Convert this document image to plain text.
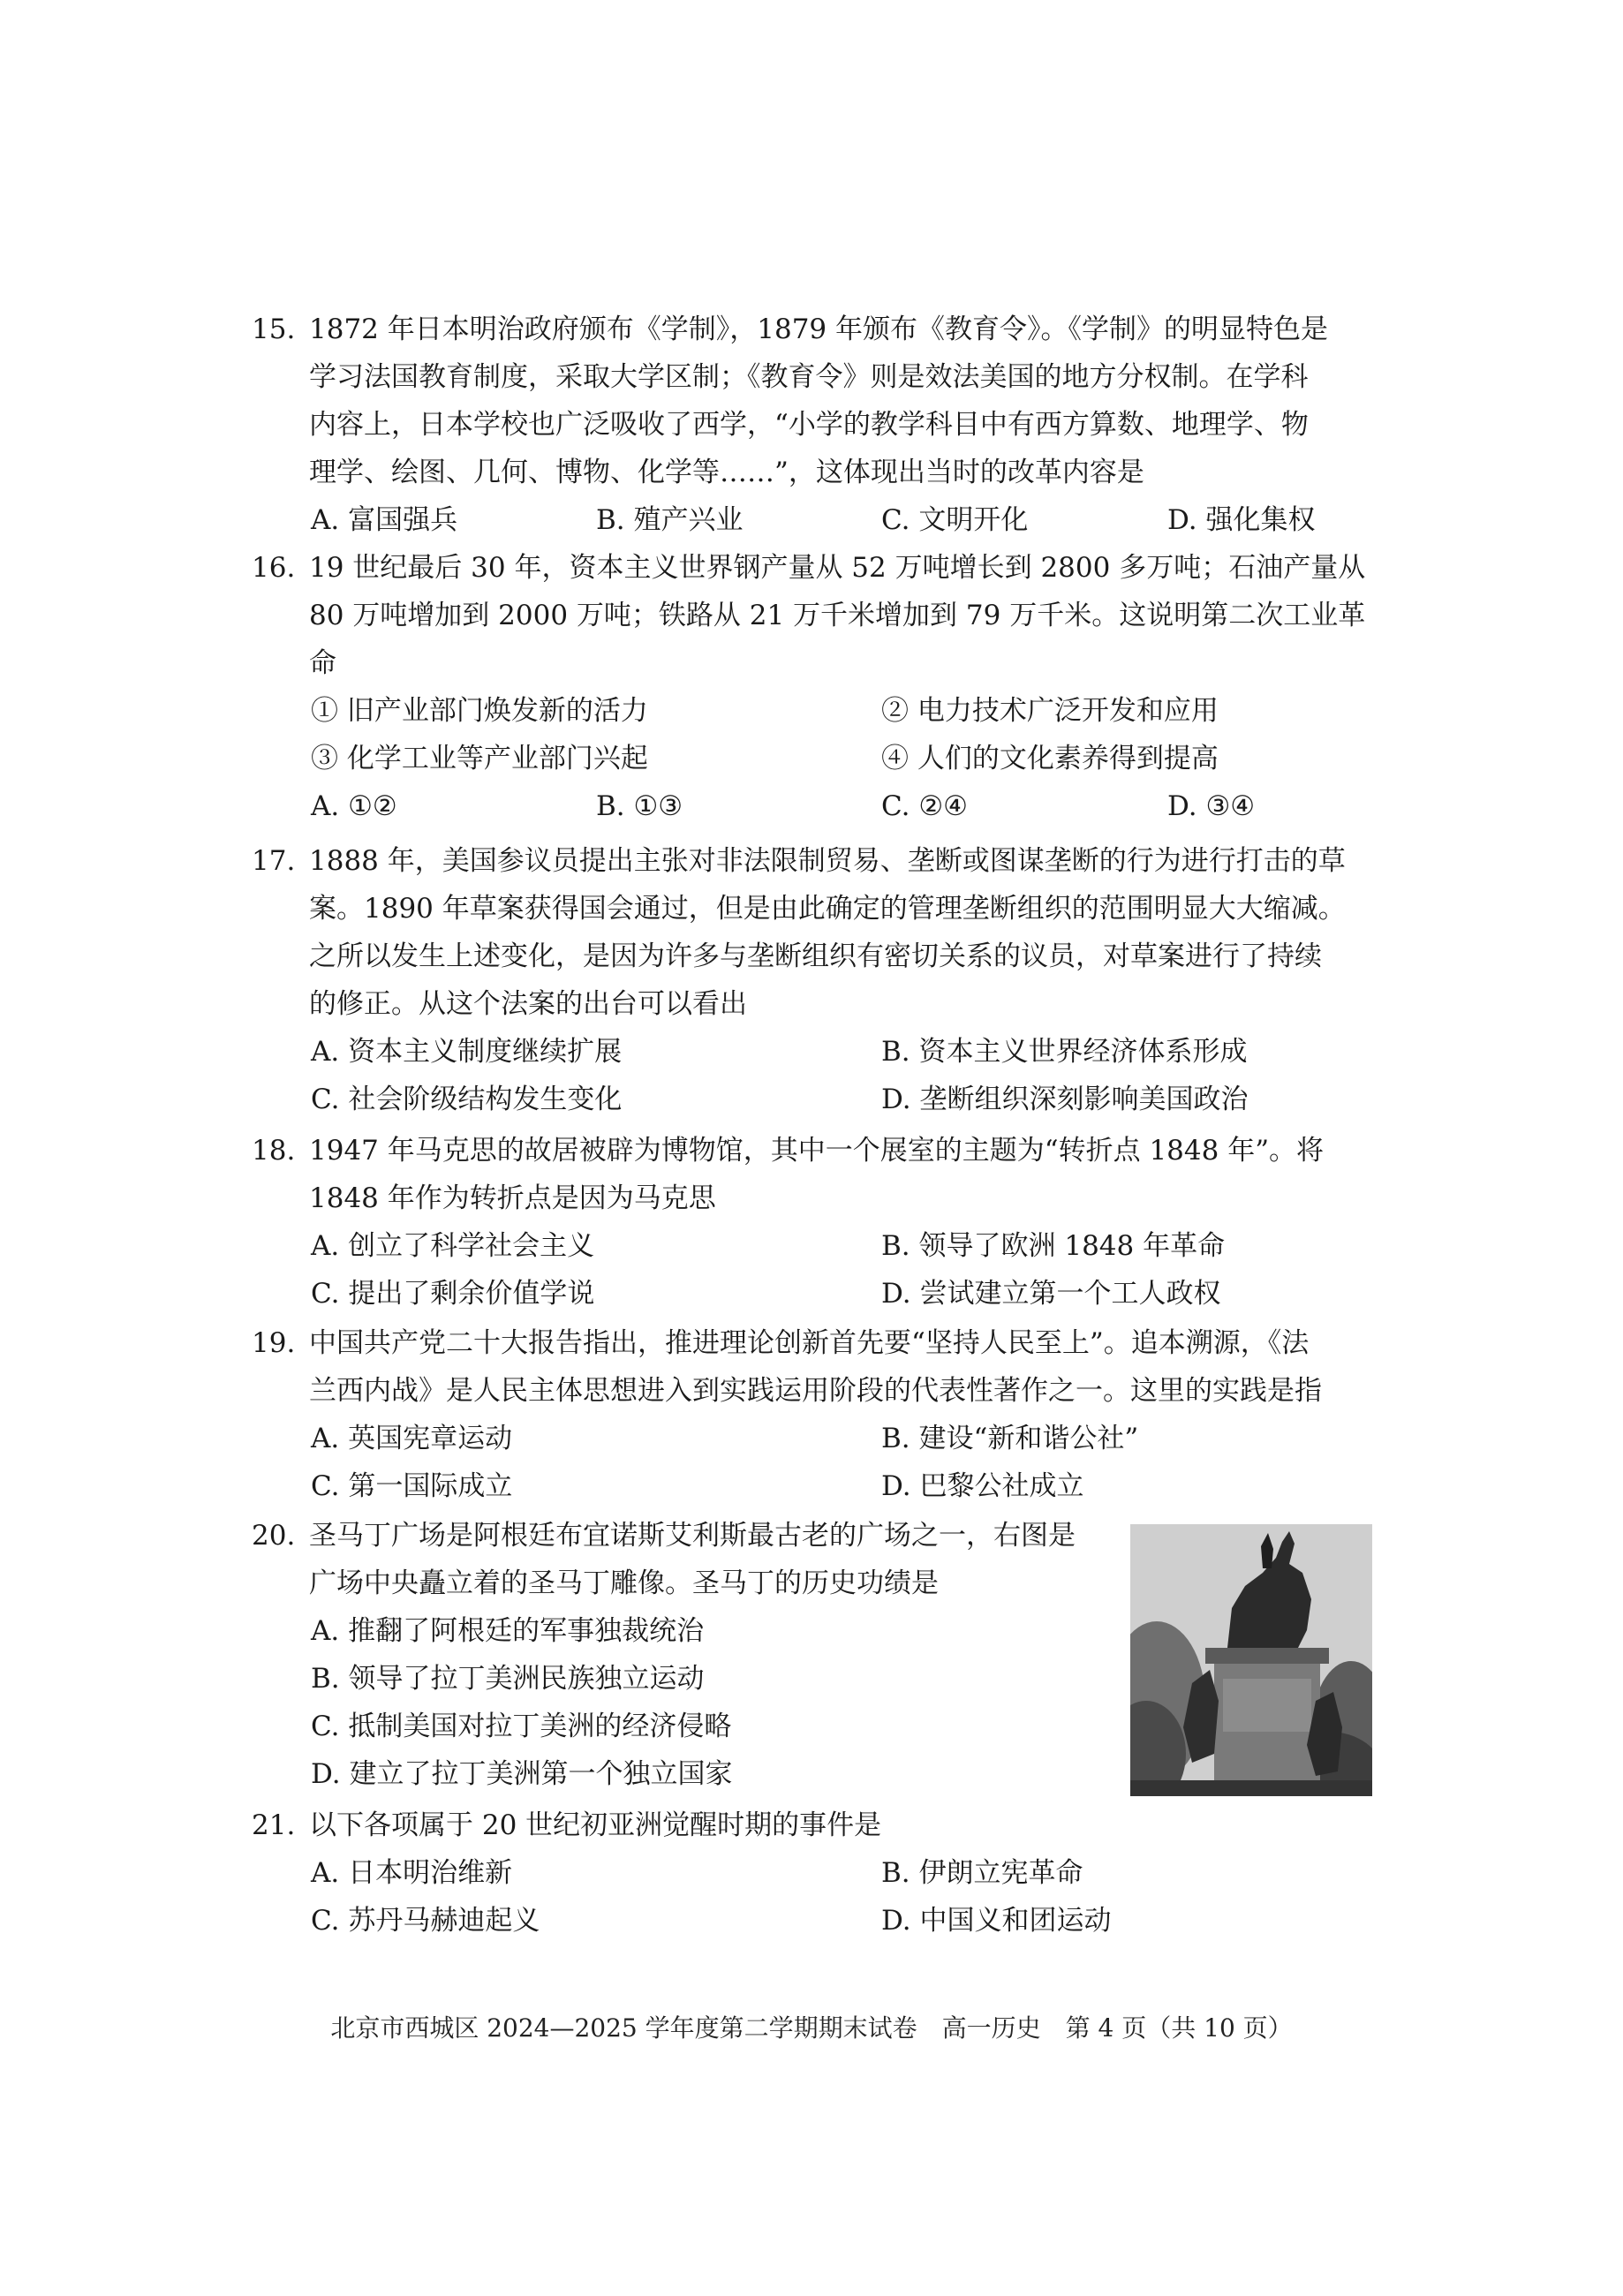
15. 1872 年日本明治政府颁布《学制》，1879 年颁布《教育令》。《学制》的明显特色是
学习法国教育制度，采取大学区制；《教育令》则是效法美国的地方分权制。在学科
内容上，日本学校也广泛吸收了西学，“小学的教学科目中有西方算数、地理学、物
理学、绘图、几何、博物、化学等……”，这体现出当时的改革内容是
A. 富国强兵	B. 殖产兴业	C. 文明开化	D. 强化集权
16. 19 世纪最后 30 年，资本主义世界钢产量从 52 万吨增长到 2800 多万吨；石油产量从
80 万吨增加到 2000 万吨；铁路从 21 万千米增加到 79 万千米。这说明第二次工业革
命
① 旧产业部门焕发新的活力	② 电力技术广泛开发和应用
③ 化学工业等产业部门兴起	④ 人们的文化素养得到提高
A. ①②	B. ①③	C. ②④	D. ③④
17. 1888 年，美国参议员提出主张对非法限制贸易、垄断或图谋垄断的行为进行打击的草
案。1890 年草案获得国会通过，但是由此确定的管理垄断组织的范围明显大大缩减。
之所以发生上述变化，是因为许多与垄断组织有密切关系的议员，对草案进行了持续
的修正。从这个法案的出台可以看出
A. 资本主义制度继续扩展	B. 资本主义世界经济体系形成
C. 社会阶级结构发生变化	D. 垄断组织深刻影响美国政治
18. 1947 年马克思的故居被辟为博物馆，其中一个展室的主题为“转折点 1848 年”。将
1848 年作为转折点是因为马克思
A. 创立了科学社会主义	B. 领导了欧洲 1848 年革命
C. 提出了剩余价值学说	D. 尝试建立第一个工人政权
19. 中国共产党二十大报告指出，推进理论创新首先要“坚持人民至上”。追本溯源，《法
兰西内战》是人民主体思想进入到实践运用阶段的代表性著作之一。这里的实践是指
A. 英国宪章运动	B. 建设“新和谐公社”
C. 第一国际成立	D. 巴黎公社成立
20. 圣马丁广场是阿根廷布宜诺斯艾利斯最古老的广场之一，右图是
广场中央矗立着的圣马丁雕像。圣马丁的历史功绩是
A. 推翻了阿根廷的军事独裁统治
B. 领导了拉丁美洲民族独立运动
C. 抵制美国对拉丁美洲的经济侵略
D. 建立了拉丁美洲第一个独立国家
21. 以下各项属于 20 世纪初亚洲觉醒时期的事件是
A. 日本明治维新	B. 伊朗立宪革命
C. 苏丹马赫迪起义	D. 中国义和团运动
北京市西城区 2024—2025 学年度第二学期期末试卷　高一历史　第 4 页（共 10 页）
